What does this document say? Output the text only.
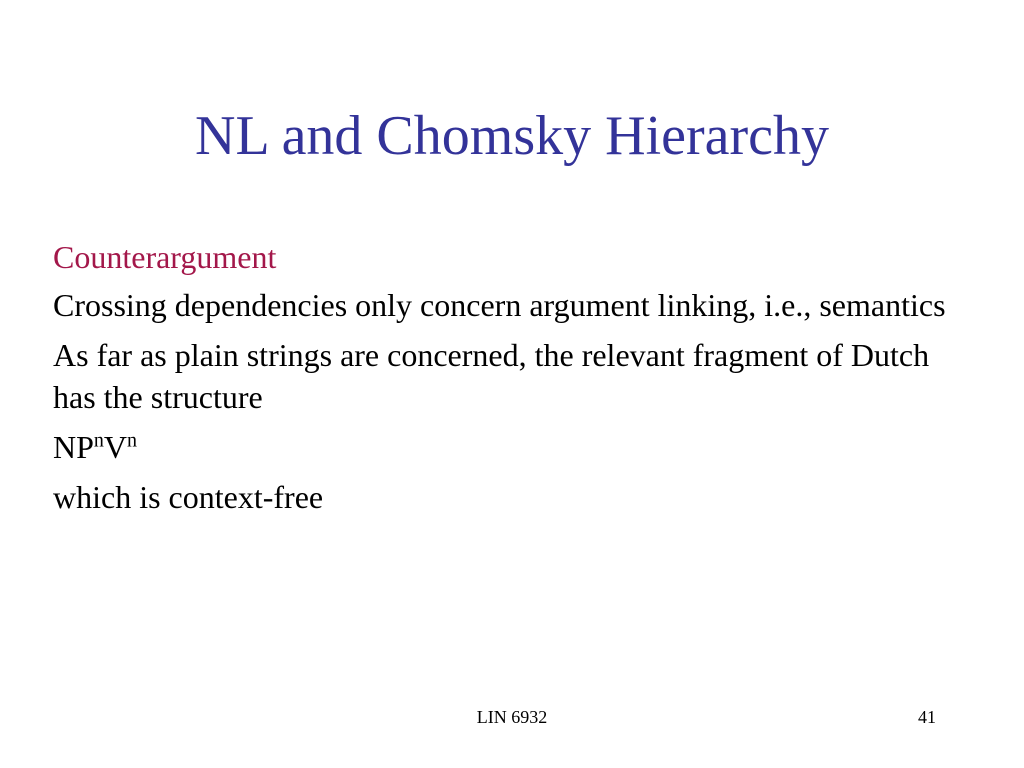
NL and Chomsky Hierarchy

Counterargument

Crossing dependencies only concern argument linking, i.e., semantics

As far as plain strings are concerned, the relevant fragment of Dutch has the structure

$NP^nV^n$

which is context-free

LIN 6932	41
